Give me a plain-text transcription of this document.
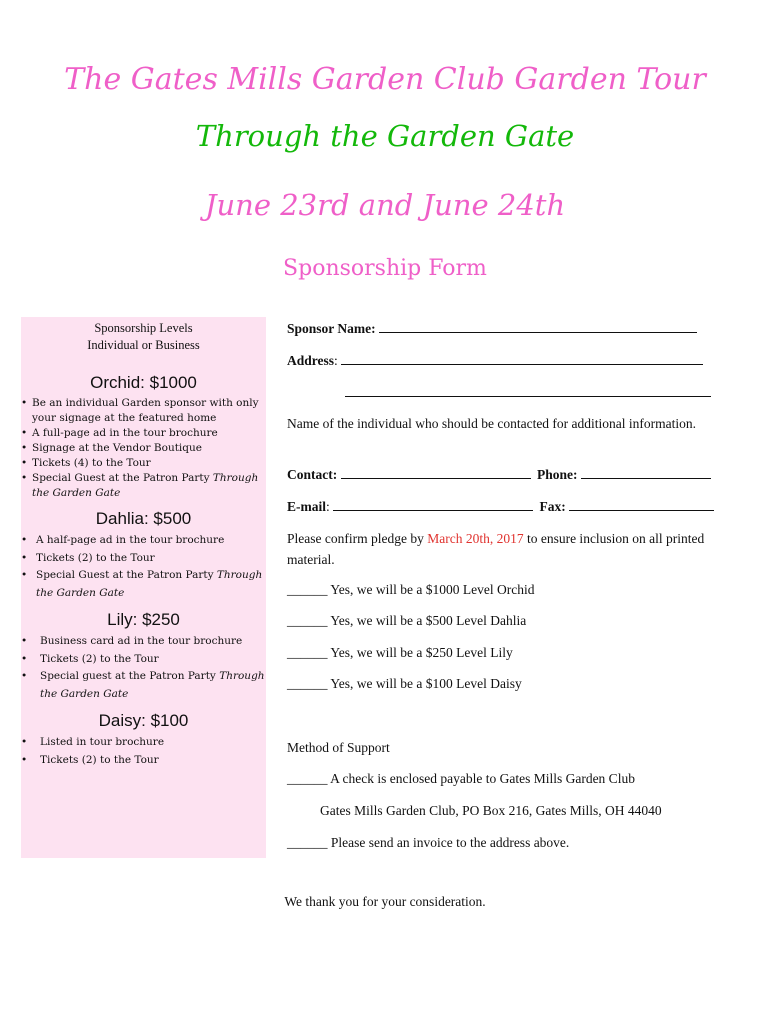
The Gates Mills Garden Club Garden Tour
Through the Garden Gate
June 23rd and June 24th
Sponsorship Form
Sponsorship Levels
Individual or Business
Orchid: $1000
• Be an individual Garden sponsor with only your signage at the featured home
• A full-page ad in the tour brochure
• Signage at the Vendor Boutique
• Tickets (4) to the Tour
• Special Guest at the Patron Party Through the Garden Gate
Dahlia: $500
• A half-page ad in the tour brochure
• Tickets (2) to the Tour
• Special Guest at the Patron Party Through the Garden Gate
Lily: $250
• Business card ad in the tour brochure
• Tickets (2) to the Tour
• Special guest at the Patron Party Through the Garden Gate
Daisy: $100
• Listed in tour brochure
• Tickets (2) to the Tour
Sponsor Name:
Address:
Name of the individual who should be contacted for additional information.
Contact:	Phone:
E-mail:	Fax:
Please confirm pledge by March 20th, 2017 to ensure inclusion on all printed material.
______ Yes, we will be a $1000 Level Orchid
______ Yes, we will be a $500 Level Dahlia
______ Yes, we will be a $250 Level Lily
______ Yes, we will be a $100 Level Daisy
Method of Support
______ A check is enclosed payable to Gates Mills Garden Club
Gates Mills Garden Club, PO Box 216, Gates Mills, OH 44040
______ Please send an invoice to the address above.
We thank you for your consideration.
